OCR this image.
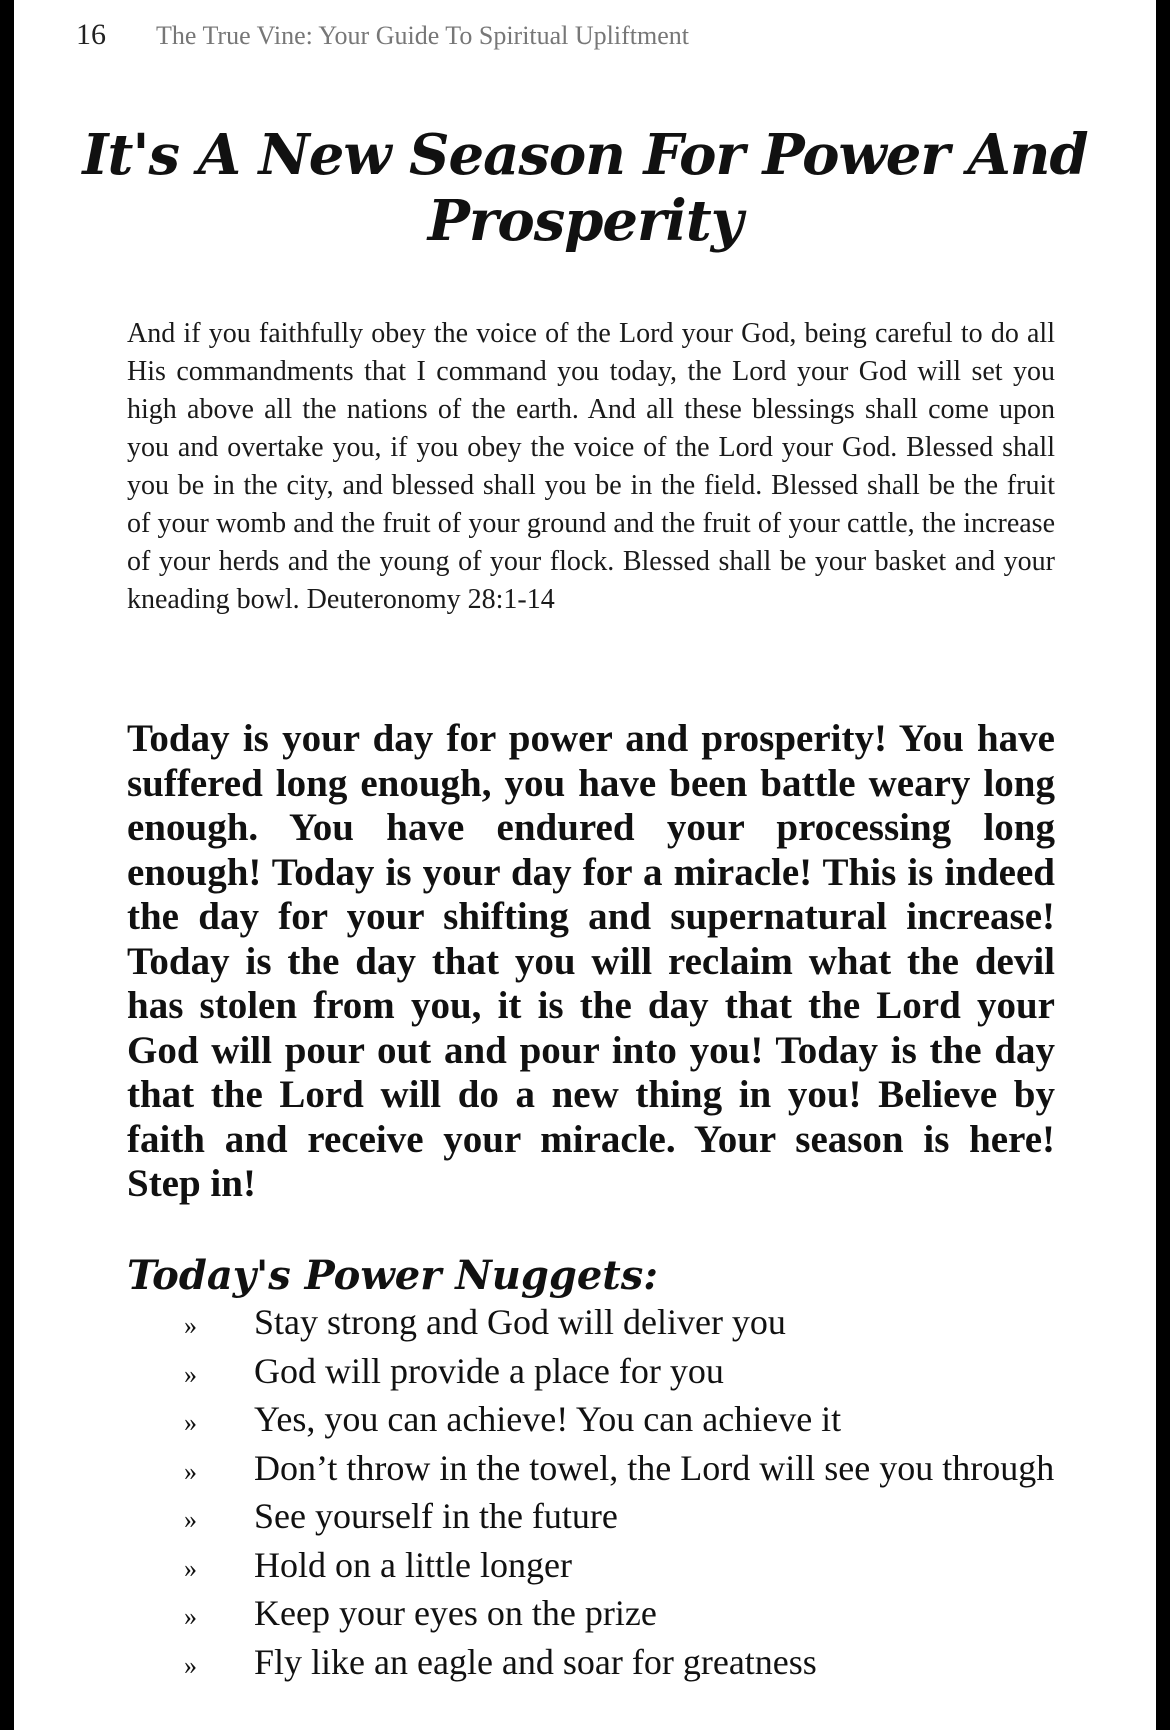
16	The True Vine: Your Guide To Spiritual Upliftment
It's A New Season For Power And Prosperity

And if you faithfully obey the voice of the Lord your God, being careful to do all His commandments that I command you today, the Lord your God will set you high above all the nations of the earth. And all these blessings shall come upon you and overtake you, if you obey the voice of the Lord your God. Blessed shall you be in the city, and blessed shall you be in the field. Blessed shall be the fruit of your womb and the fruit of your ground and the fruit of your cattle, the increase of your herds and the young of your flock. Blessed shall be your basket and your kneading bowl. Deuteronomy 28:1-14

Today is your day for power and prosperity! You have suffered long enough, you have been battle weary long enough. You have endured your processing long enough! Today is your day for a miracle! This is indeed the day for your shifting and supernatural increase! Today is the day that you will reclaim what the devil has stolen from you, it is the day that the Lord your God will pour out and pour into you! Today is the day that the Lord will do a new thing in you! Believe by faith and receive your miracle. Your season is here! Step in!

Today's Power Nuggets:
»	Stay strong and God will deliver you
»	God will provide a place for you
»	Yes, you can achieve! You can achieve it
»	Don’t throw in the towel, the Lord will see you through
»	See yourself in the future
»	Hold on a little longer
»	Keep your eyes on the prize
»	Fly like an eagle and soar for greatness
